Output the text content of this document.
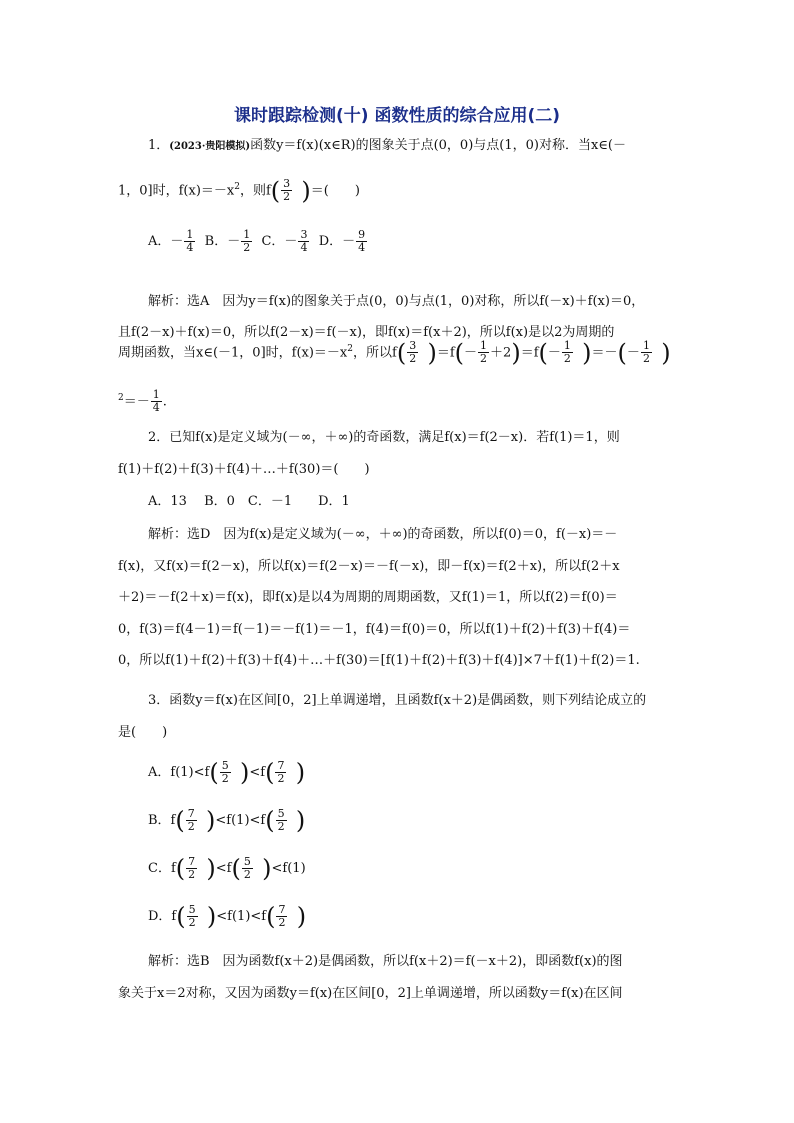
课时跟踪检测(十) 函数性质的综合应用(二)
1．(2023·贵阳模拟)函数y＝f(x)(x∈R)的图象关于点(0，0)与点(1，0)对称．当x∈(－
1，0]时，$f(x)=-x^2$，则$f( \frac{3}{2}$ )＝(　　)
A．－ $\frac{1}{4}$ B．－ $\frac{1}{2}$ C．－ $\frac{3}{4}$ D．－ $\frac{9}{4}$
解析：选A　因为y＝f(x)的图象关于点(0，0)与点(1，0)对称，所以f(－x)＋f(x)＝0，
且f(2－x)＋f(x)＝0，所以f(2－x)＝f(－x)，即f(x)＝f(x＋2)，所以f(x)是以2为周期的
周期函数，当x∈(－1，0]时，$f(x)=-x^2$，所以$f( \frac{3}{2} )=f(- \frac{1}{2} +2)=f(- \frac{1}{2}$ )＝－(－ $\frac{1}{2}$ )
$^2=- \frac{1}{4}$ .
2．已知f(x)是定义域为(－∞，＋∞)的奇函数，满足f(x)＝f(2－x)．若f(1)＝1，则
f(1)＋f(2)＋f(3)＋f(4)＋…＋f(30)＝(　　)
A．13　 B．0　C．－1　　D．1
解析：选D　因为f(x)是定义域为(－∞，＋∞)的奇函数，所以f(0)＝0，f(－x)＝－
f(x)，又f(x)＝f(2－x)，所以f(x)＝f(2－x)＝－f(－x)，即－f(x)＝f(2＋x)，所以f(2＋x
＋2)＝－f(2＋x)＝f(x)，即f(x)是以4为周期的周期函数，又f(1)＝1，所以f(2)＝f(0)＝
0，f(3)＝f(4－1)＝f(－1)＝－f(1)＝－1，f(4)＝f(0)＝0，所以f(1)＋f(2)＋f(3)＋f(4)＝
0，所以f(1)＋f(2)＋f(3)＋f(4)＋…＋f(30)＝[f(1)＋f(2)＋f(3)＋f(4)]×7＋f(1)＋f(2)＝1.
3．函数y＝f(x)在区间[0，2]上单调递增，且函数f(x＋2)是偶函数，则下列结论成立的
是(　　)
A．$f(1)<f( \frac{5}{2} )<f( \frac{7}{2}$ )
B．$f( \frac{7}{2} )<f(1)<f( \frac{5}{2}$ )
C．$f( \frac{7}{2} )<f( \frac{5}{2} )<f(1)$
D．$f( \frac{5}{2} )<f(1)<f( \frac{7}{2}$ )
解析：选B　因为函数f(x＋2)是偶函数，所以f(x＋2)＝f(－x＋2)，即函数f(x)的图
象关于x＝2对称，又因为函数y＝f(x)在区间[0，2]上单调递增，所以函数y＝f(x)在区间
